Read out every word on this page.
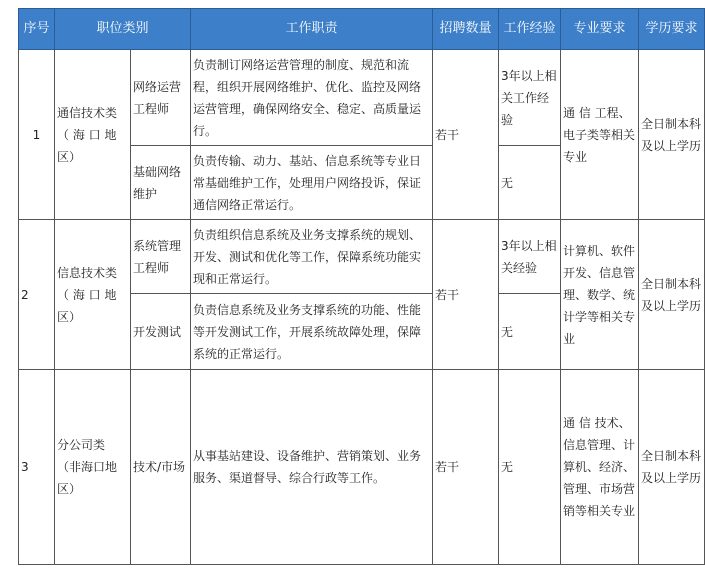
序号	职位类别		工作职责	招聘数量	工作经验	专业要求	学历要求
1	通信技术类（ 海 口 地区）	网络运营工程师	负责制订网络运营管理的制度、规范和流程，组织开展网络维护、优化、监控及网络运营管理，确保网络安全、稳定、高质量运行。	若干	3年以上相关工作经验	通 信 工程、电子类等相关专业	全日制本科及以上学历
		基础网络维护	负责传输、动力、基站、信息系统等专业日常基础维护工作，处理用户网络投诉，保证通信网络正常运行。		无		
2	信息技术类（ 海 口 地区）	系统管理工程师	负责组织信息系统及业务支撑系统的规划、开发、测试和优化等工作，保障系统功能实现和正常运行。	若干	3年以上相关经验	计算机、软件开发、信息管理、数学、统计学等相关专业	全日制本科及以上学历
		开发测试	负责信息系统及业务支撑系统的功能、性能等开发测试工作，开展系统故障处理，保障系统的正常运行。		无		
3	分公司类（非海口地区）	技术/市场	从事基站建设、设备维护、营销策划、业务服务、渠道督导、综合行政等工作。	若干	无	通 信 技术、信息管理、计算机、经济、管理、市场营销等相关专业	全日制本科及以上学历
